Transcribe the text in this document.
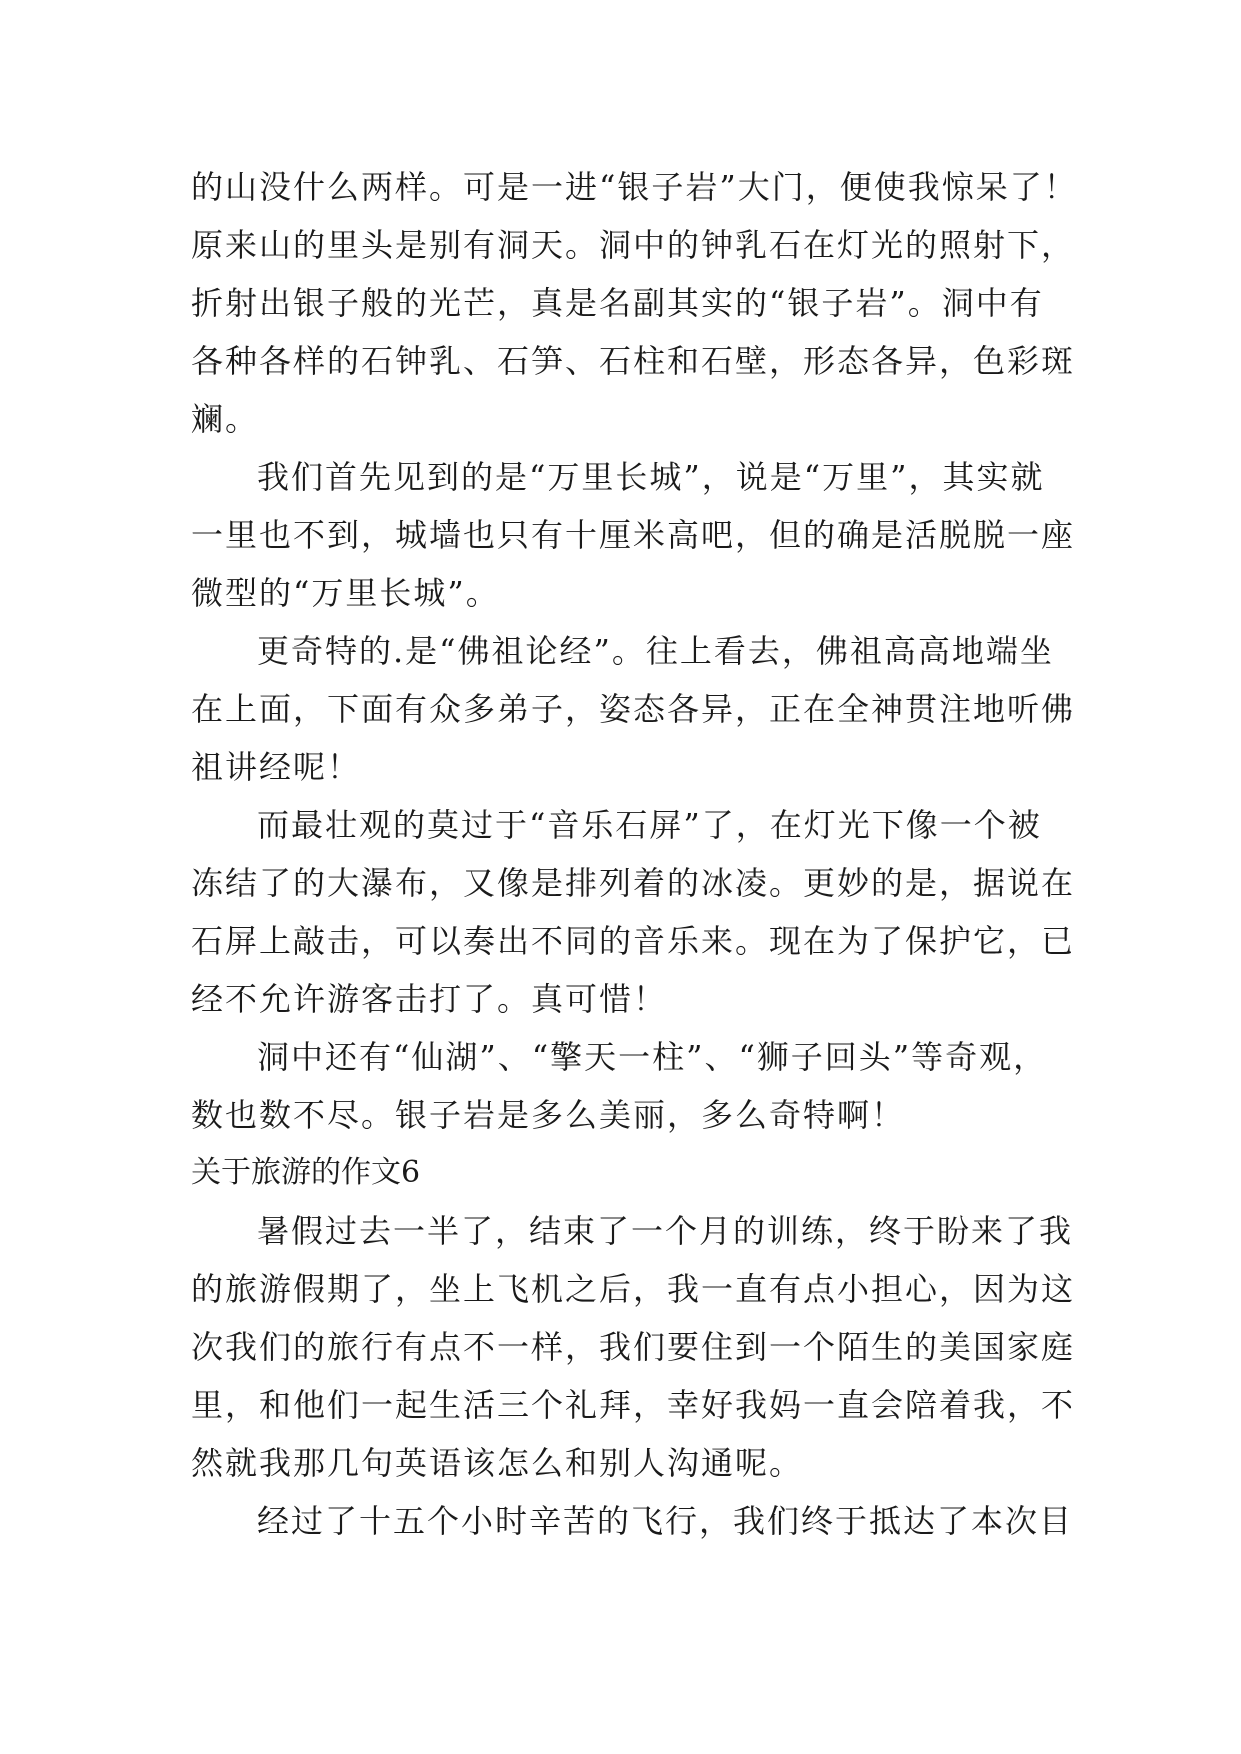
的山没什么两样。可是一进“银子岩”大门，便使我惊呆了！
原来山的里头是别有洞天。洞中的钟乳石在灯光的照射下，
折射出银子般的光芒，真是名副其实的“银子岩”。洞中有
各种各样的石钟乳、石笋、石柱和石壁，形态各异，色彩斑
斓。
我们首先见到的是“万里长城”，说是“万里”，其实就
一里也不到，城墙也只有十厘米高吧，但的确是活脱脱一座
微型的“万里长城”。
更奇特的.是“佛祖论经”。往上看去，佛祖高高地端坐
在上面，下面有众多弟子，姿态各异，正在全神贯注地听佛
祖讲经呢！
而最壮观的莫过于“音乐石屏”了，在灯光下像一个被
冻结了的大瀑布，又像是排列着的冰凌。更妙的是，据说在
石屏上敲击，可以奏出不同的音乐来。现在为了保护它，已
经不允许游客击打了。真可惜！
洞中还有“仙湖”、“擎天一柱”、“狮子回头”等奇观，
数也数不尽。银子岩是多么美丽，多么奇特啊！
关于旅游的作文6
暑假过去一半了，结束了一个月的训练，终于盼来了我
的旅游假期了，坐上飞机之后，我一直有点小担心，因为这
次我们的旅行有点不一样，我们要住到一个陌生的美国家庭
里，和他们一起生活三个礼拜，幸好我妈一直会陪着我，不
然就我那几句英语该怎么和别人沟通呢。
经过了十五个小时辛苦的飞行，我们终于抵达了本次目
